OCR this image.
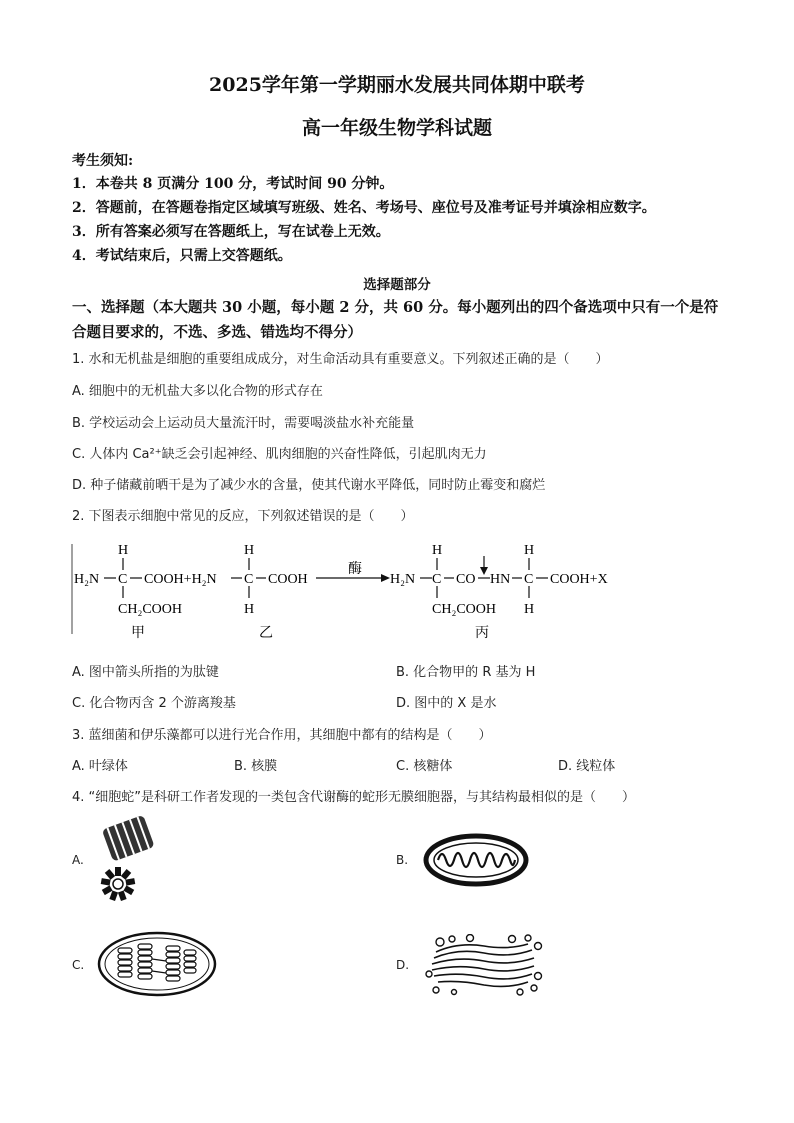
2025学年第一学期丽水发展共同体期中联考
高一年级生物学科试题
考生须知:
1．本卷共 8 页满分 100 分，考试时间 90 分钟。
2．答题前，在答题卷指定区域填写班级、姓名、考场号、座位号及准考证号并填涂相应数字。
3．所有答案必须写在答题纸上，写在试卷上无效。
4．考试结束后，只需上交答题纸。
选择题部分
一、选择题（本大题共 30 小题，每小题 2 分，共 60 分。每小题列出的四个备选项中只有一个是符合题目要求的，不选、多选、错选均不得分）
1. 水和无机盐是细胞的重要组成成分，对生命活动具有重要意义。下列叙述正确的是（　　）
A. 细胞中的无机盐大多以化合物的形式存在
B. 学校运动会上运动员大量流汗时，需要喝淡盐水补充能量
C. 人体内 Ca²⁺缺乏会引起神经、肌肉细胞的兴奋性降低，引起肌肉无力
D. 种子储藏前晒干是为了减少水的含量，使其代谢水平降低，同时防止霉变和腐烂
2. 下图表示细胞中常见的反应，下列叙述错误的是（　　）
H
H₂N C COOH+H₂N
CH₂COOH
甲
H
C COOH
H
乙
酶
H₂N
H
C CO HN
H
C COOH+X
CH₂COOH H
丙
A. 图中箭头所指的为肽键	B. 化合物甲的 R 基为 H
C. 化合物丙含 2 个游离羧基	D. 图中的 X 是水
3. 蓝细菌和伊乐藻都可以进行光合作用，其细胞中都有的结构是（　　）
A. 叶绿体	B. 核膜	C. 核糖体	D. 线粒体
4. “细胞蛇”是科研工作者发现的一类包含代谢酶的蛇形无膜细胞器，与其结构最相似的是（　　）
A.	B.
C.	D.
